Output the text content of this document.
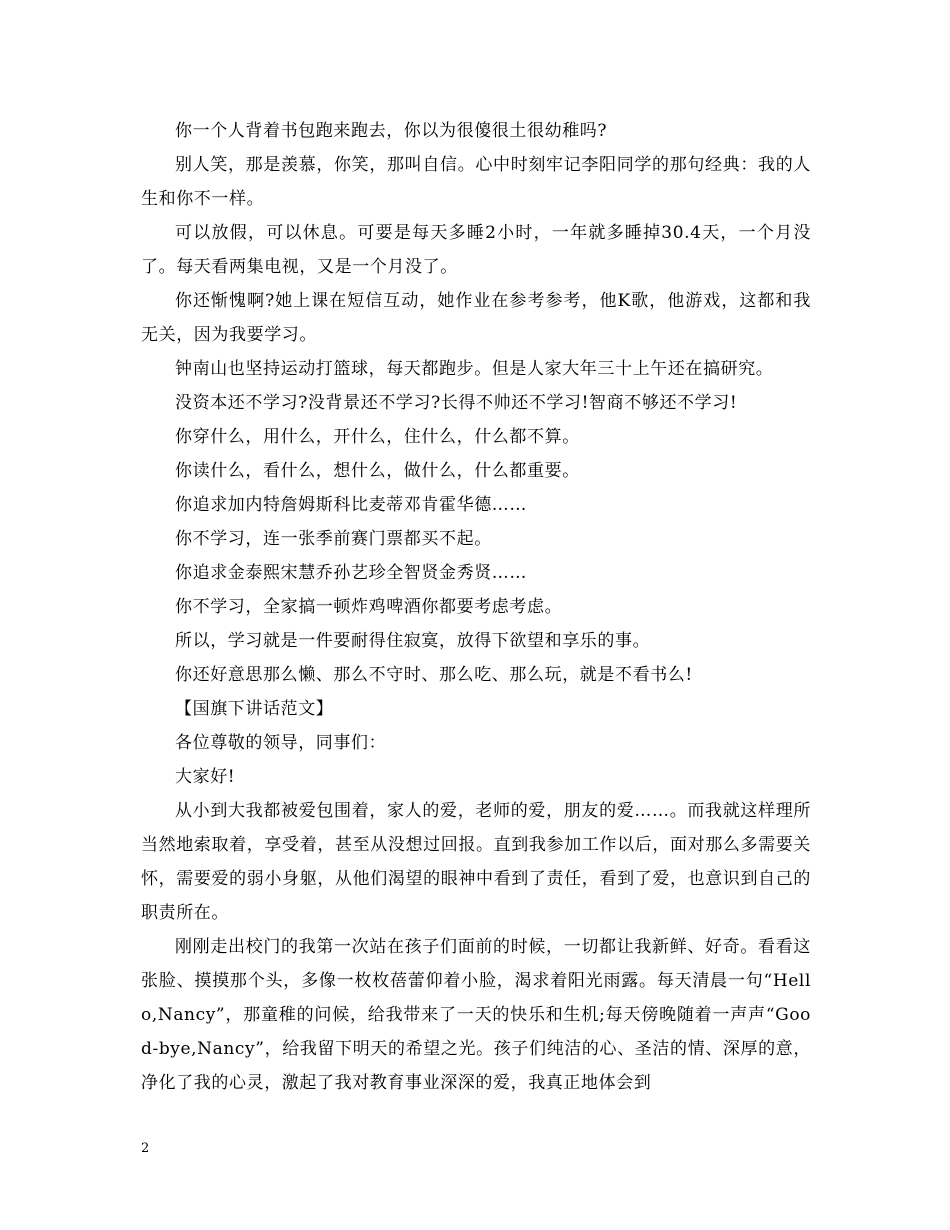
你一个人背着书包跑来跑去，你以为很傻很土很幼稚吗?

别人笑，那是羡慕，你笑，那叫自信。心中时刻牢记李阳同学的那句经典：我的人生和你不一样。

可以放假，可以休息。可要是每天多睡2小时，一年就多睡掉30.4天，一个月没了。每天看两集电视，又是一个月没了。

你还惭愧啊?她上课在短信互动，她作业在参考参考，他K歌，他游戏，这都和我无关，因为我要学习。

钟南山也坚持运动打篮球，每天都跑步。但是人家大年三十上午还在搞研究。

没资本还不学习?没背景还不学习?长得不帅还不学习!智商不够还不学习!

你穿什么，用什么，开什么，住什么，什么都不算。

你读什么，看什么，想什么，做什么，什么都重要。

你追求加内特詹姆斯科比麦蒂邓肯霍华德……

你不学习，连一张季前赛门票都买不起。

你追求金泰熙宋慧乔孙艺珍全智贤金秀贤……

你不学习，全家搞一顿炸鸡啤酒你都要考虑考虑。

所以，学习就是一件要耐得住寂寞，放得下欲望和享乐的事。

你还好意思那么懒、那么不守时、那么吃、那么玩，就是不看书么!

【国旗下讲话范文】

各位尊敬的领导，同事们：

大家好!

从小到大我都被爱包围着，家人的爱，老师的爱，朋友的爱……。而我就这样理所当然地索取着，享受着，甚至从没想过回报。直到我参加工作以后，面对那么多需要关怀，需要爱的弱小身躯，从他们渴望的眼神中看到了责任，看到了爱，也意识到自己的职责所在。

刚刚走出校门的我第一次站在孩子们面前的时候，一切都让我新鲜、好奇。看看这张脸、摸摸那个头，多像一枚枚蓓蕾仰着小脸，渴求着阳光雨露。每天清晨一句“Hello,Nancy”，那童稚的问候，给我带来了一天的快乐和生机;每天傍晚随着一声声“Good-bye,Nancy”，给我留下明天的希望之光。孩子们纯洁的心、圣洁的情、深厚的意，净化了我的心灵，激起了我对教育事业深深的爱，我真正地体会到

2
